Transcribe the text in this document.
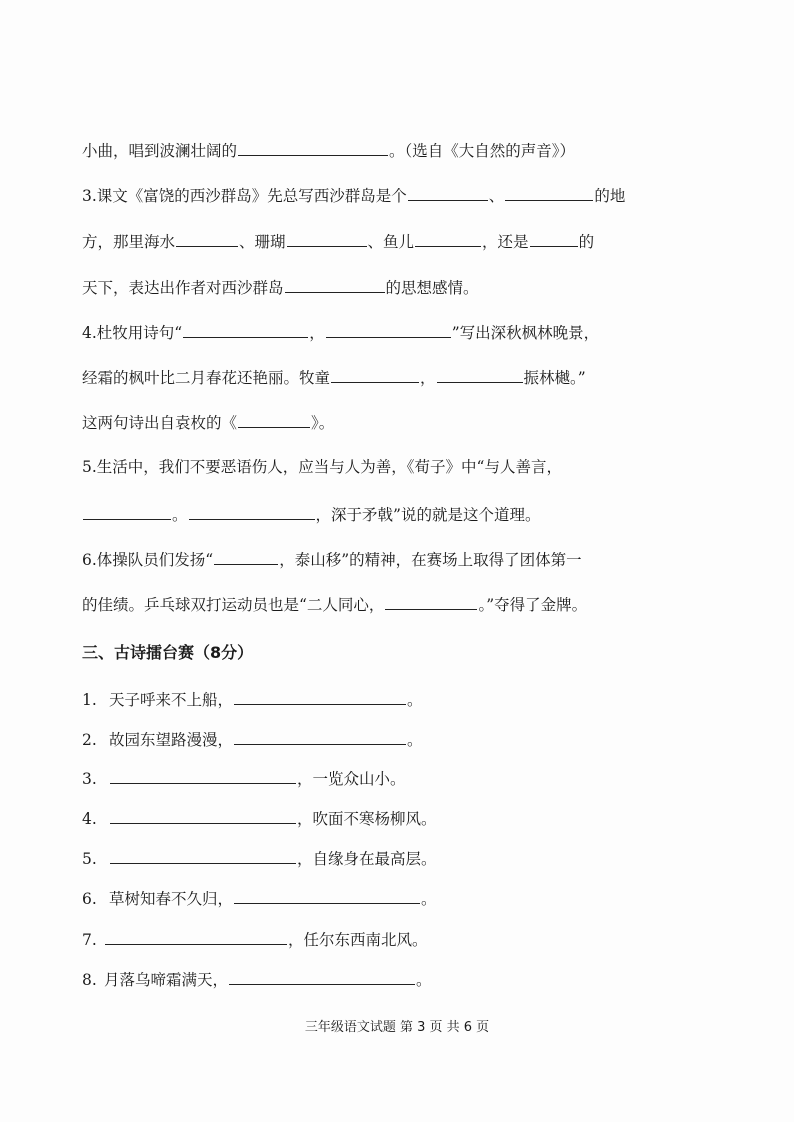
小曲，唱到波澜壮阔的	。（选自《大自然的声音》）
3.课文《富饶的西沙群岛》先总写西沙群岛是个	、	的地
方，那里海水	、珊瑚	、鱼儿	，还是	的
天下，表达出作者对西沙群岛	的思想感情。
4.杜牧用诗句“	，	”写出深秋枫林晚景，
经霜的枫叶比二月春花还艳丽。牧童	，	振林樾。”
这两句诗出自袁枚的《	》。
5.生活中，我们不要恶语伤人，应当与人为善，《荀子》中“与人善言，
。	，深于矛戟”说的就是这个道理。
6.体操队员们发扬“	，泰山移”的精神，在赛场上取得了团体第一
的佳绩。乒乓球双打运动员也是“二人同心，	。”夺得了金牌。
三、古诗擂台赛（8分）
1. 天子呼来不上船，	。
2. 故园东望路漫漫，	。
3.	，一览众山小。
4.	，吹面不寒杨柳风。
5.	，自缘身在最高层。
6. 草树知春不久归，	。
7.	，任尔东西南北风。
8. 月落乌啼霜满天，	。
三年级语文试题 第 3 页 共 6 页
